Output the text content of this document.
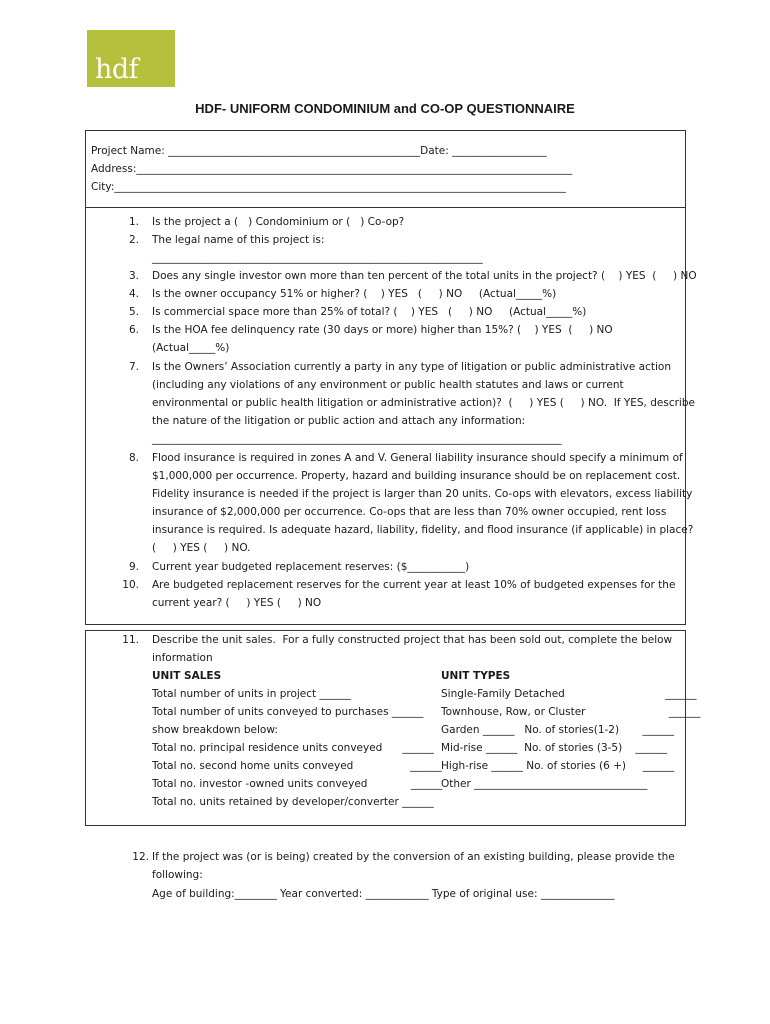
hdf
HDF- UNIFORM CONDOMINIUM and CO-OP QUESTIONNAIRE
Project Name: ________________________________________________Date: __________________
Address:___________________________________________________________________________________
City:______________________________________________________________________________________
1. Is the project a (   ) Condominium or (   ) Co-op?
2. The legal name of this project is:
_______________________________________________________________
3. Does any single investor own more than ten percent of the total units in the project? (    ) YES  (     ) NO
4. Is the owner occupancy 51% or higher? (    ) YES   (     ) NO     (Actual_____%)
5. Is commercial space more than 25% of total? (    ) YES   (     ) NO     (Actual_____%)
6. Is the HOA fee delinquency rate (30 days or more) higher than 15%? (    ) YES  (     ) NO
(Actual_____%)
7. Is the Owners’ Association currently a party in any type of litigation or public administrative action
(including any violations of any environment or public health statutes and laws or current
environmental or public health litigation or administrative action)?  (     ) YES (     ) NO.  If YES, describe
the nature of the litigation or public action and attach any information:
______________________________________________________________________________
8. Flood insurance is required in zones A and V. General liability insurance should specify a minimum of
$1,000,000 per occurrence. Property, hazard and building insurance should be on replacement cost.
Fidelity insurance is needed if the project is larger than 20 units. Co-ops with elevators, excess liability
insurance of $2,000,000 per occurrence. Co-ops that are less than 70% owner occupied, rent loss
insurance is required. Is adequate hazard, liability, fidelity, and flood insurance (if applicable) in place?
(     ) YES (     ) NO.
9. Current year budgeted replacement reserves: ($___________)
10. Are budgeted replacement reserves for the current year at least 10% of budgeted expenses for the
current year? (     ) YES (     ) NO
11. Describe the unit sales.  For a fully constructed project that has been sold out, complete the below
information
UNIT SALES	UNIT TYPES
Total number of units in project ______
Total number of units conveyed to purchases ______
show breakdown below:
Total no. principal residence units conveyed      ______
Total no. second home units conveyed                 ______
Total no. investor -owned units conveyed             ______
Total no. units retained by developer/converter ______
Single-Family Detached                              ______
Townhouse, Row, or Cluster                         ______
Garden ______   No. of stories(1-2)       ______
Mid-rise ______  No. of stories (3-5)    ______
High-rise ______ No. of stories (6 +)     ______
Other _________________________________
12. If the project was (or is being) created by the conversion of an existing building, please provide the
following:
Age of building:________ Year converted: ____________ Type of original use: ______________
